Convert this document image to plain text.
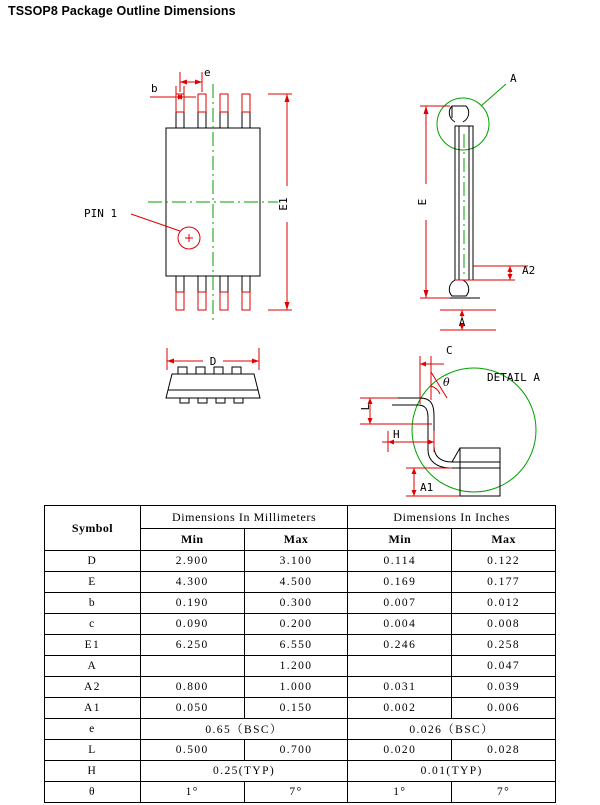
TSSOP8 Package Outline Dimensions
PIN 1
b
e
E1
A
E
A2
A
D
DETAIL A
C
θ
L
H
A1
Symbol	Dimensions In Millimeters		Dimensions In Inches	
	Min	Max	Min	Max
D	2.900	3.100	0.114	0.122
E	4.300	4.500	0.169	0.177
b	0.190	0.300	0.007	0.012
c	0.090	0.200	0.004	0.008
E1	6.250	6.550	0.246	0.258
A		1.200		0.047
A2	0.800	1.000	0.031	0.039
A1	0.050	0.150	0.002	0.006
e	0.65（BSC）		0.026（BSC）	
L	0.500	0.700	0.020	0.028
H	0.25(TYP)		0.01(TYP)	
θ	1°	7°	1°	7°
